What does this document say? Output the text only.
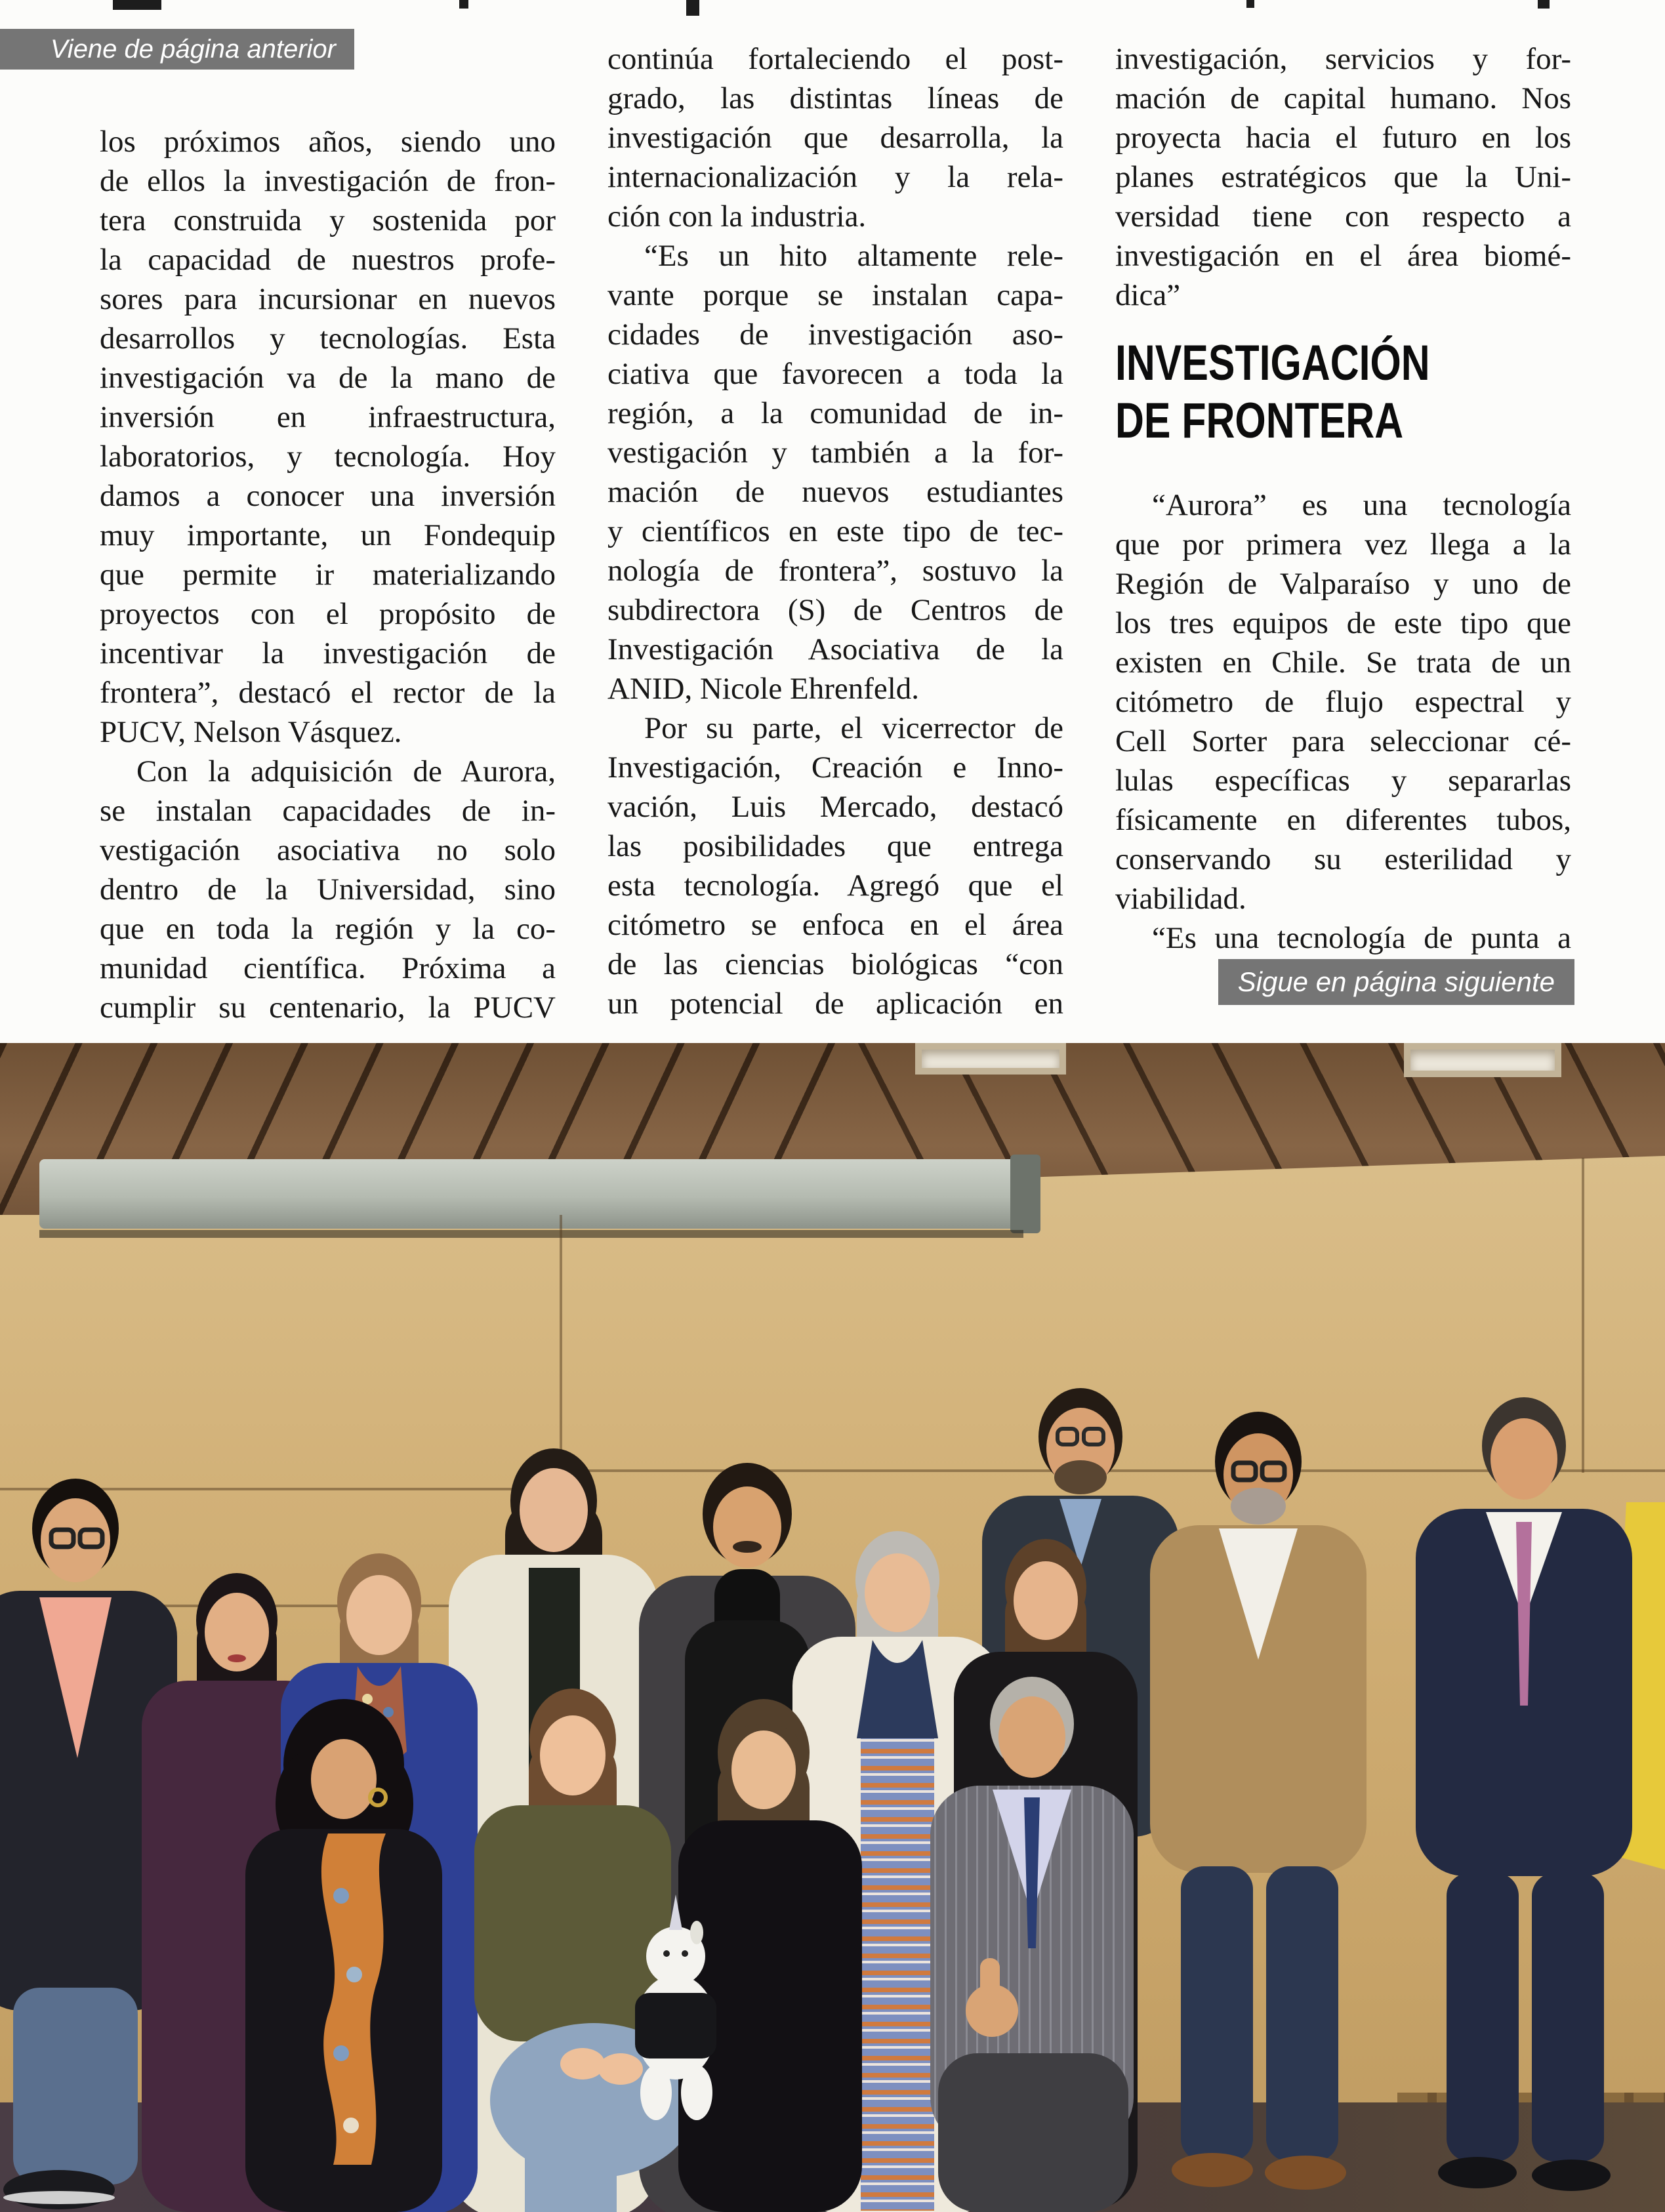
Viene de página anterior
Sigue en página siguiente
los próximos años, siendo uno
de ellos la investigación de fron-
tera construida y sostenida por
la capacidad de nuestros profe-
sores para incursionar en nuevos
desarrollos y tecnologías. Esta
investigación va de la mano de
inversión en infraestructura,
laboratorios, y tecnología. Hoy
damos a conocer una inversión
muy importante, un Fondequip
que permite ir materializando
proyectos con el propósito de
incentivar la investigación de
frontera”, destacó el rector de la
PUCV, Nelson Vásquez.
Con la adquisición de Aurora,
se instalan capacidades de in-
vestigación asociativa no solo
dentro de la Universidad, sino
que en toda la región y la co-
munidad científica. Próxima a
cumplir su centenario, la PUCV
continúa fortaleciendo el post-
grado, las distintas líneas de
investigación que desarrolla, la
internacionalización y la rela-
ción con la industria.
“Es un hito altamente rele-
vante porque se instalan capa-
cidades de investigación aso-
ciativa que favorecen a toda la
región, a la comunidad de in-
vestigación y también a la for-
mación de nuevos estudiantes
y científicos en este tipo de tec-
nología de frontera”, sostuvo la
subdirectora (S) de Centros de
Investigación Asociativa de la
ANID, Nicole Ehrenfeld.
Por su parte, el vicerrector de
Investigación, Creación e Inno-
vación, Luis Mercado, destacó
las posibilidades que entrega
esta tecnología. Agregó que el
citómetro se enfoca en el área
de las ciencias biológicas “con
un potencial de aplicación en
investigación, servicios y for-
mación de capital humano. Nos
proyecta hacia el futuro en los
planes estratégicos que la Uni-
versidad tiene con respecto a
investigación en el área biomé-
dica”
INVESTIGACIÓN
DE FRONTERA
“Aurora” es una tecnología
que por primera vez llega a la
Región de Valparaíso y uno de
los tres equipos de este tipo que
existen en Chile. Se trata de un
citómetro de flujo espectral y
Cell Sorter para seleccionar cé-
lulas específicas y separarlas
físicamente en diferentes tubos,
conservando su esterilidad y
viabilidad.
“Es una tecnología de punta a
